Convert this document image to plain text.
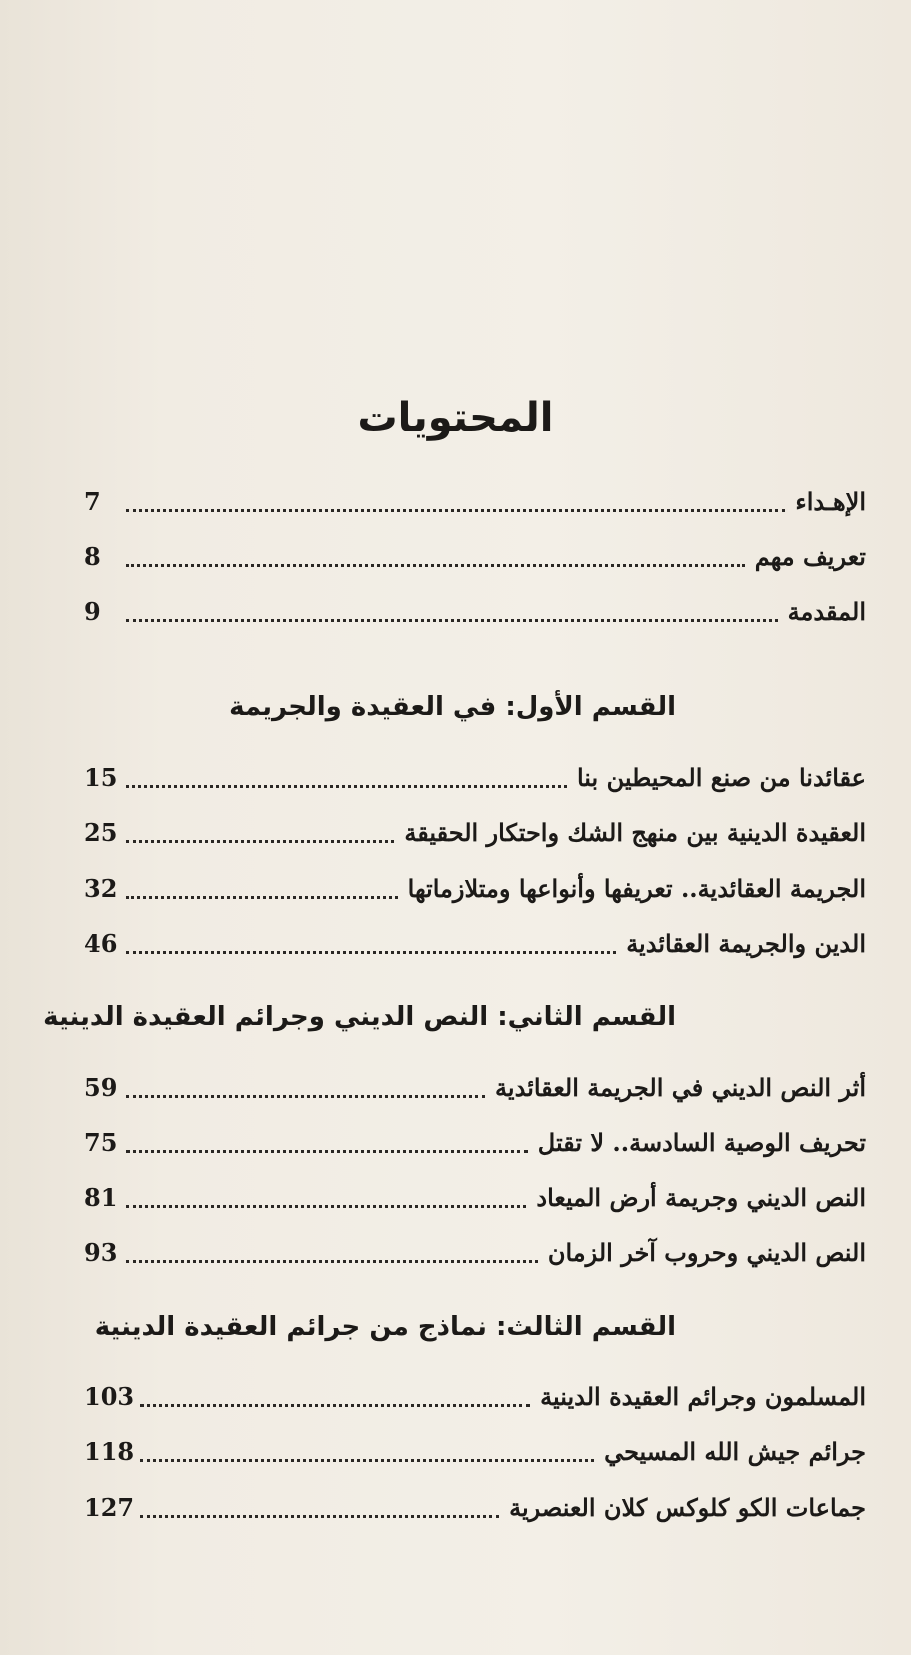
المحتويات
الإهـداء
7
تعريف مهم
8
المقدمة
9
القسم الأول: في العقيدة والجريمة
عقائدنا من صنع المحيطين بنا
15
العقيدة الدينية بين منهج الشك واحتكار الحقيقة
25
الجريمة العقائدية.. تعريفها وأنواعها ومتلازماتها
32
الدين والجريمة العقائدية
46
القسم الثاني: النص الديني وجرائم العقيدة الدينية
أثر النص الديني في الجريمة العقائدية
59
تحريف الوصية السادسة.. لا تقتل
75
النص الديني وجريمة أرض الميعاد
81
النص الديني وحروب آخر الزمان
93
القسم الثالث: نماذج من جرائم العقيدة الدينية
المسلمون وجرائم العقيدة الدينية
103
جرائم جيش الله المسيحي
118
جماعات الكو كلوكس كلان العنصرية
127
